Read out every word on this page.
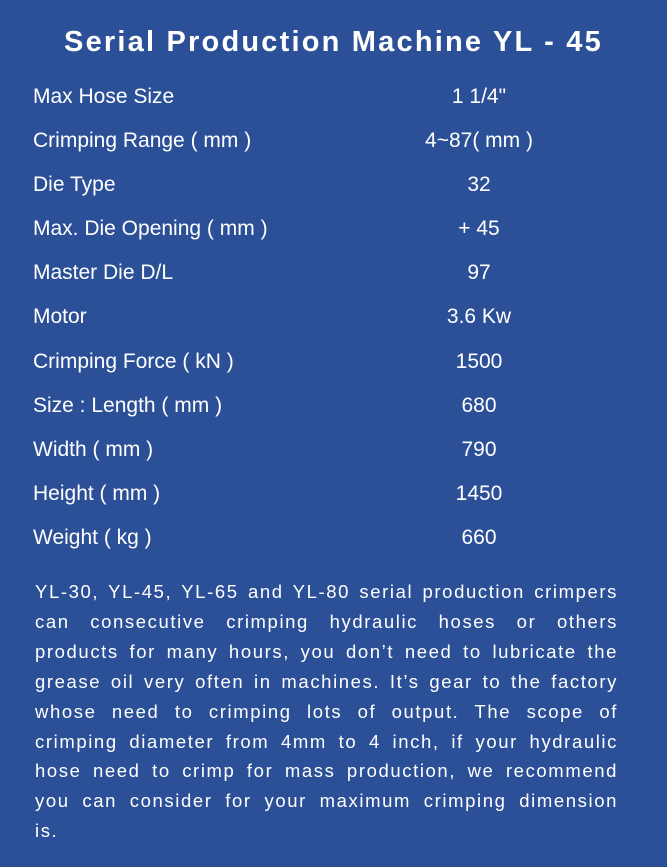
Serial Production Machine YL - 45
Max Hose Size	1 1/4"
Crimping Range ( mm )	4~87( mm )
Die Type	32
Max. Die Opening ( mm )	+ 45
Master Die D/L	97
Motor	3.6 Kw
Crimping Force ( kN )	1500
Size : Length ( mm )	680
Width ( mm )	790
Height ( mm )	1450
Weight ( kg )	660

YL-30, YL-45, YL-65 and YL-80 serial production crimpers can consecutive crimping hydraulic hoses or others products for many hours, you don’t need to lubricate the grease oil very often in machines. It’s gear to the factory whose need to crimping lots of output. The scope of crimping diameter from 4mm to 4 inch, if your hydraulic hose need to crimp for mass production, we recommend you can consider for your maximum crimping dimension is.
